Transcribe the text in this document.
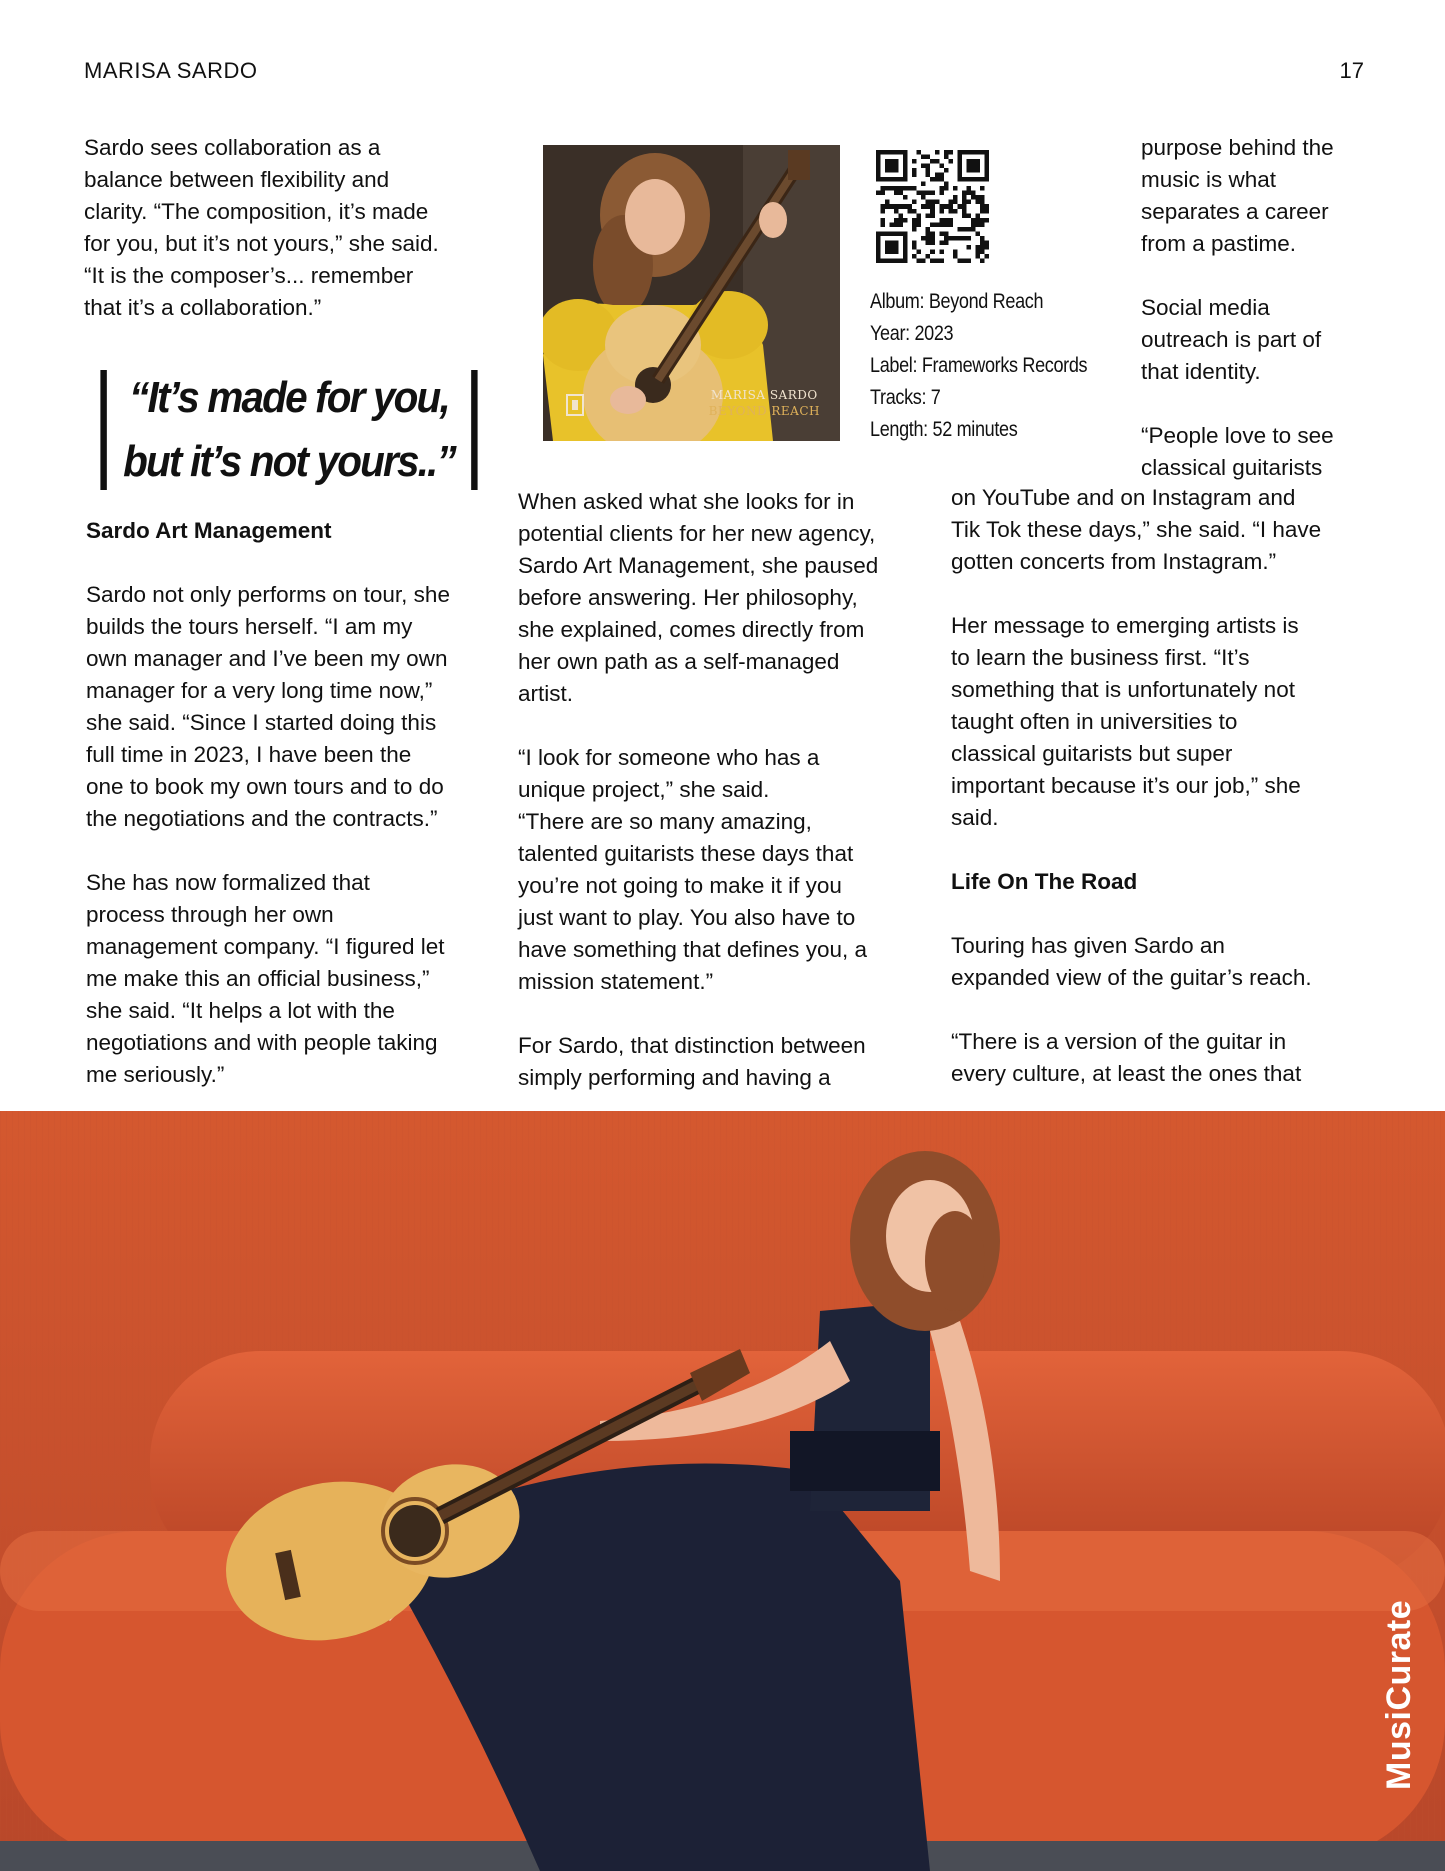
MARISA SARDO	17
Sardo sees collaboration as a
balance between flexibility and
clarity. “The composition, it’s made
for you, but it’s not yours,” she said.
“It is the composer’s... remember
that it’s a collaboration.”
“It’s made for you,
but it’s not yours..”
Sardo Art Management

Sardo not only performs on tour, she
builds the tours herself. “I am my
own manager and I’ve been my own
manager for a very long time now,”
she said. “Since I started doing this
full time in 2023, I have been the
one to book my own tours and to do
the negotiations and the contracts.”

She has now formalized that
process through her own
management company. “I figured let
me make this an official business,”
she said. “It helps a lot with the
negotiations and with people taking
me seriously.”

MARISA SARDO
BEYOND REACH
Album: Beyond Reach
Year: 2023
Label: Frameworks Records
Tracks: 7
Length: 52 minutes

When asked what she looks for in
potential clients for her new agency,
Sardo Art Management, she paused
before answering. Her philosophy,
she explained, comes directly from
her own path as a self-managed
artist.

“I look for someone who has a
unique project,” she said.
“There are so many amazing,
talented guitarists these days that
you’re not going to make it if you
just want to play. You also have to
have something that defines you, a
mission statement.”

For Sardo, that distinction between
simply performing and having a

purpose behind the
music is what
separates a career
from a pastime.

Social media
outreach is part of
that identity.

“People love to see
classical guitarists

on YouTube and on Instagram and
Tik Tok these days,” she said. “I have
gotten concerts from Instagram.”

Her message to emerging artists is
to learn the business first. “It’s
something that is unfortunately not
taught often in universities to
classical guitarists but super
important because it’s our job,” she
said.

Life On The Road

Touring has given Sardo an
expanded view of the guitar’s reach.

“There is a version of the guitar in
every culture, at least the ones that

MusiCurate
